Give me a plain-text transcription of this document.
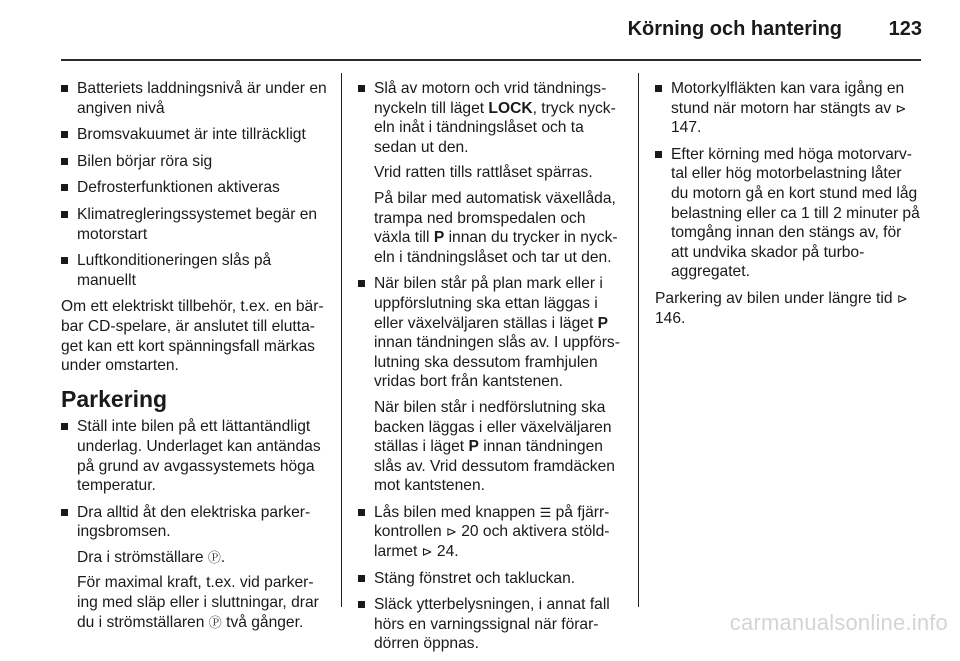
Körning och hantering 123
Batteriets laddningsnivå är under en angiven nivå
Bromsvakuumet är inte tillräckligt
Bilen börjar röra sig
Defrosterfunktionen aktiveras
Klimatregleringssystemet begär en motorstart
Luftkonditioneringen slås på manuellt

Om ett elektriskt tillbehör, t.ex. en bär-bar CD-spelare, är anslutet till elutta-get kan ett kort spänningsfall märkas under omstarten.

Parkering
Ställ inte bilen på ett lättantändligt underlag. Underlaget kan antändas på grund av avgassystemets höga temperatur.
Dra alltid åt den elektriska parker-ingsbromsen.
Dra i strömställare Ⓟ.
För maximal kraft, t.ex. vid parker-ing med släp eller i sluttningar, drar du i strömställaren Ⓟ två gånger.
Slå av motorn och vrid tändnings-nyckeln till läget LOCK, tryck nyck-eln inåt i tändningslåset och ta sedan ut den.
Vrid ratten tills rattlåset spärras.
På bilar med automatisk växellåda, trampa ned bromspedalen och växla till P innan du trycker in nyck-eln i tändningslåset och tar ut den.
När bilen står på plan mark eller i uppförslutning ska ettan läggas i eller växelväljaren ställas i läget P innan tändningen slås av. I uppförs-lutning ska dessutom framhjulen vridas bort från kantstenen.
När bilen står i nedförslutning ska backen läggas i eller växelväljaren ställas i läget P innan tändningen slås av. Vrid dessutom framdäcken mot kantstenen.
Lås bilen med knappen ☰ på fjärr-kontrollen ⊳ 20 och aktivera stöld-larmet ⊳ 24.
Stäng fönstret och takluckan.
Släck ytterbelysningen, i annat fall hörs en varningssignal när förar-dörren öppnas.
Motorkylfläkten kan vara igång en stund när motorn har stängts av ⊳ 147.
Efter körning med höga motorvarv-tal eller hög motorbelastning låter du motorn gå en kort stund med låg belastning eller ca 1 till 2 minuter på tomgång innan den stängs av, för att undvika skador på turbo-aggregatet.

Parkering av bilen under längre tid ⊳ 146.

carmanualsonline.info
